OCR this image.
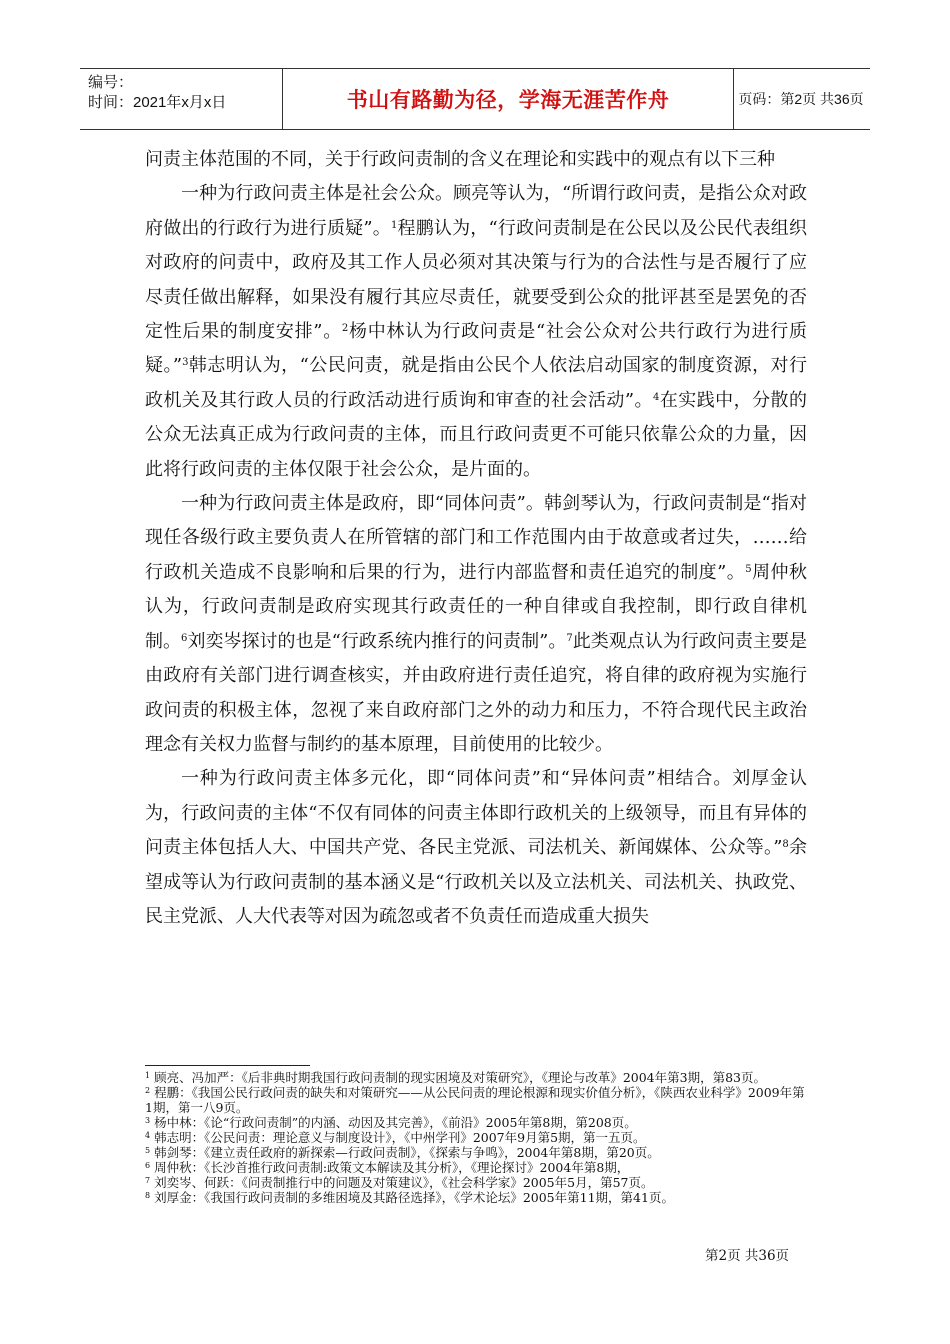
编号：
时间：2021年x月x日	书山有路勤为径，学海无涯苦作舟	页码：第2页 共36页

问责主体范围的不同，关于行政问责制的含义在理论和实践中的观点有以下三种

一种为行政问责主体是社会公众。顾亮等认为，“所谓行政问责，是指公众对政府做出的行政行为进行质疑”。$^1$程鹏认为，“行政问责制是在公民以及公民代表组织对政府的问责中，政府及其工作人员必须对其决策与行为的合法性与是否履行了应尽责任做出解释，如果没有履行其应尽责任，就要受到公众的批评甚至是罢免的否定性后果的制度安排”。$^2$杨中林认为行政问责是“社会公众对公共行政行为进行质疑。”$^3$韩志明认为，“公民问责，就是指由公民个人依法启动国家的制度资源，对行政机关及其行政人员的行政活动进行质询和审查的社会活动”。$^4$在实践中，分散的公众无法真正成为行政问责的主体，而且行政问责更不可能只依靠公众的力量，因此将行政问责的主体仅限于社会公众，是片面的。

一种为行政问责主体是政府，即“同体问责”。韩剑琴认为，行政问责制是“指对现任各级行政主要负责人在所管辖的部门和工作范围内由于故意或者过失，……给行政机关造成不良影响和后果的行为，进行内部监督和责任追究的制度”。$^5$周仲秋认为，行政问责制是政府实现其行政责任的一种自律或自我控制，即行政自律机制。$^6$刘奕岑探讨的也是“行政系统内推行的问责制”。$^7$此类观点认为行政问责主要是由政府有关部门进行调查核实，并由政府进行责任追究，将自律的政府视为实施行政问责的积极主体，忽视了来自政府部门之外的动力和压力，不符合现代民主政治理念有关权力监督与制约的基本原理，目前使用的比较少。

一种为行政问责主体多元化，即“同体问责”和“异体问责”相结合。刘厚金认为，行政问责的主体“不仅有同体的问责主体即行政机关的上级领导，而且有异体的问责主体包括人大、中国共产党、各民主党派、司法机关、新闻媒体、公众等。”$^8$余望成等认为行政问责制的基本涵义是“行政机关以及立法机关、司法机关、执政党、民主党派、人大代表等对因为疏忽或者不负责任而造成重大损失

$^1$ 顾亮、冯加严：《后非典时期我国行政问责制的现实困境及对策研究》，《理论与改革》2004年第3期，第83页。
$^2$ 程鹏：《我国公民行政问责的缺失和对策研究——从公民问责的理论根源和现实价值分析》，《陕西农业科学》2009年第1期，第一八9页。
$^3$ 杨中林：《论“行政问责制”的内涵、动因及其完善》，《前沿》2005年第8期，第208页。
$^4$ 韩志明：《公民问责：理论意义与制度设计》，《中州学刊》2007年9月第5期，第一五页。
$^5$ 韩剑琴：《建立责任政府的新探索—行政问责制》，《探索与争鸣》，2004年第8期，第20页。
$^6$ 周仲秋：《长沙首推行政问责制:政策文本解读及其分析》，《理论探讨》2004年第8期，
$^7$ 刘奕岑、何跃：《问责制推行中的问题及对策建议》，《社会科学家》2005年5月，第57页。
$^8$ 刘厚金：《我国行政问责制的多维困境及其路径选择》，《学术论坛》2005年第11期，第41页。
第2页 共36页
